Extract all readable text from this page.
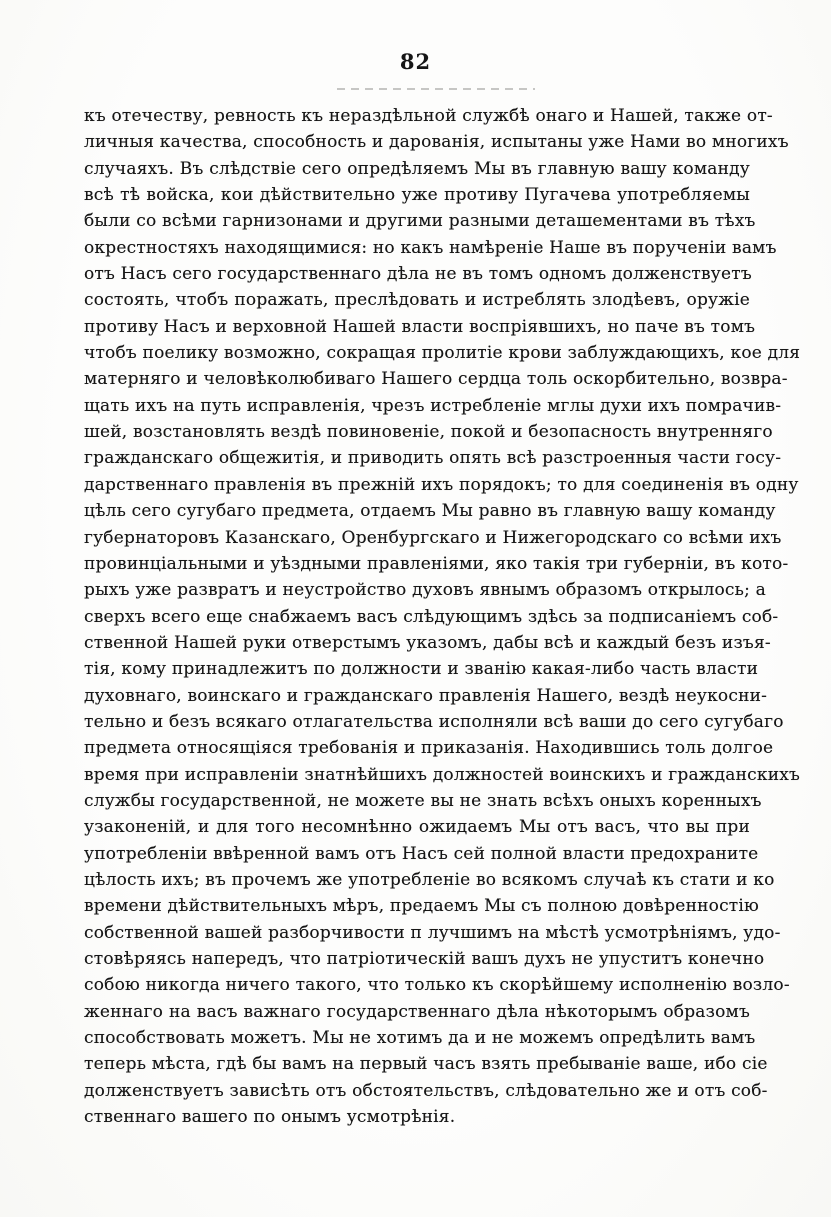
82
къ отечеству, ревность къ нераздѣльной службѣ онаго и Нашей, также от-
личныя качества, способность и дарованія, испытаны уже Нами во многихъ
случаяхъ. Въ слѣдствіе сего опредѣляемъ Мы въ главную вашу команду
всѣ тѣ войска, кои дѣйствительно уже противу Пугачева употребляемы
были со всѣми гарнизонами и другими разными деташементами въ тѣхъ
окрестностяхъ находящимися: но какъ намѣреніе Наше въ порученіи вамъ
отъ Насъ сего государственнаго дѣла не въ томъ одномъ долженствуетъ
состоять, чтобъ поражать, преслѣдовать и истреблять злодѣевъ, оружіе
противу Насъ и верховной Нашей власти воспріявшихъ, но паче въ томъ
чтобъ поелику возможно, сокращая пролитіе крови заблуждающихъ, кое для
матерняго и человѣколюбиваго Нашего сердца толь оскорбительно, возвра-
щать ихъ на путь исправленія, чрезъ истребленіе мглы духи ихъ помрачив-
шей, возстановлять вездѣ повиновеніе, покой и безопасность внутренняго
гражданскаго общежитія, и приводить опять всѣ разстроенныя части госу-
дарственнаго правленія въ прежній ихъ порядокъ; то для соединенія въ одну
цѣль сего сугубаго предмета, отдаемъ Мы равно въ главную вашу команду
губернаторовъ Казанскаго, Оренбургскаго и Нижегородскаго со всѣми ихъ
провинціальными и уѣздными правленіями, яко такія три губерніи, въ кото-
рыхъ уже развратъ и неустройство духовъ явнымъ образомъ открылось; а
сверхъ всего еще снабжаемъ васъ слѣдующимъ здѣсь за подписаніемъ соб-
ственной Нашей руки отверстымъ указомъ, дабы всѣ и каждый безъ изъя-
тія, кому принадлежитъ по должности и званію какая-либо часть власти
духовнаго, воинскаго и гражданскаго правленія Нашего, вездѣ неукосни-
тельно и безъ всякаго отлагательства исполняли всѣ ваши до сего сугубаго
предмета относящіяся требованія и приказанія. Находившись толь долгое
время при исправленіи знатнѣйшихъ должностей воинскихъ и гражданскихъ
службы государственной, не можете вы не знать всѣхъ оныхъ коренныхъ
узаконеній, и для того несомнѣнно ожидаемъ Мы отъ васъ, что вы при
употребленіи ввѣренной вамъ отъ Насъ сей полной власти предохраните
цѣлость ихъ; въ прочемъ же употребленіе во всякомъ случаѣ къ стати и ко
времени дѣйствительныхъ мѣръ, предаемъ Мы съ полною довѣренностію
собственной вашей разборчивости п лучшимъ на мѣстѣ усмотрѣніямъ, удо-
стовѣряясь напередъ, что патріотическій вашъ духъ не упуститъ конечно
собою никогда ничего такого, что только къ скорѣйшему исполненію возло-
женнаго на васъ важнаго государственнаго дѣла нѣкоторымъ образомъ
способствовать можетъ. Мы не хотимъ да и не можемъ опредѣлить вамъ
теперь мѣста, гдѣ бы вамъ на первый часъ взять пребываніе ваше, ибо сіе
долженствуетъ зависѣть отъ обстоятельствъ, слѣдовательно же и отъ соб-
ственнаго вашего по онымъ усмотрѣнія.
